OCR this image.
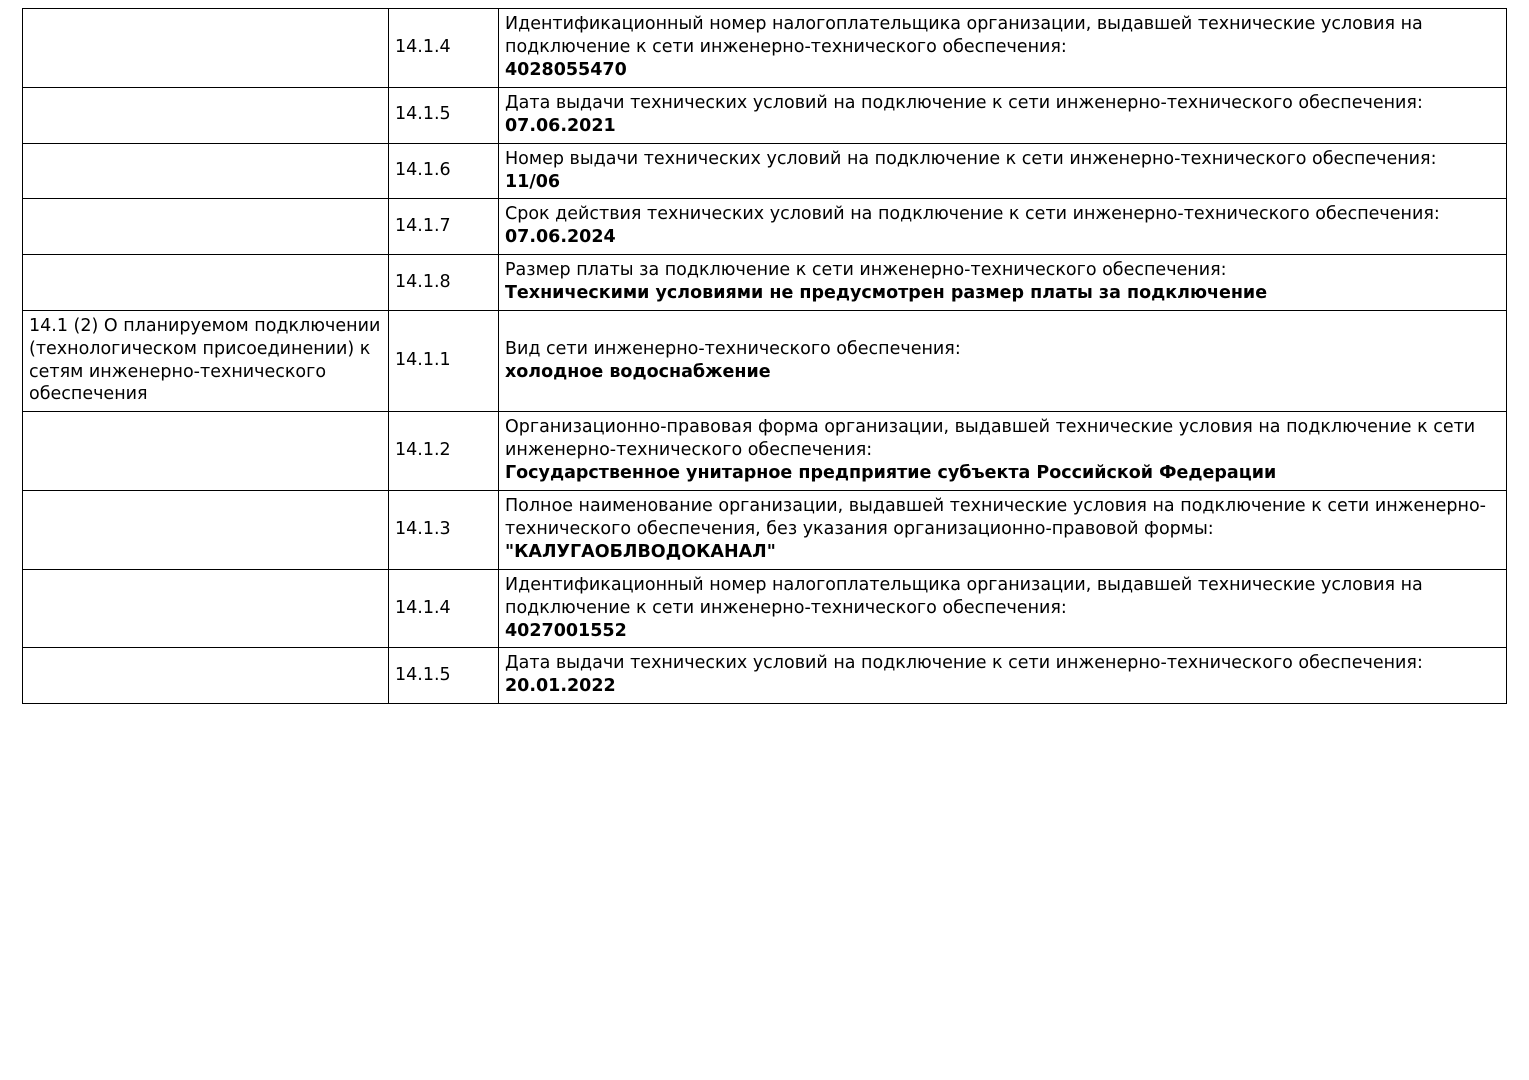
	14.1.4	Идентификационный номер налогоплательщика организации, выдавшей технические условия на подключение к сети инженерно-технического обеспечения:
4028055470

	14.1.5	Дата выдачи технических условий на подключение к сети инженерно-технического обеспечения:
07.06.2021

	14.1.6	Номер выдачи технических условий на подключение к сети инженерно-технического обеспечения:
11/06

	14.1.7	Срок действия технических условий на подключение к сети инженерно-технического обеспечения:
07.06.2024

	14.1.8	Размер платы за подключение к сети инженерно-технического обеспечения:
Техническими условиями не предусмотрен размер платы за подключение

14.1 (2) О планируемом подключении (технологическом присоединении) к сетям инженерно-технического обеспечения	14.1.1	Вид сети инженерно-технического обеспечения:
холодное водоснабжение

	14.1.2	Организационно-правовая форма организации, выдавшей технические условия на подключение к сети инженерно-технического обеспечения:
Государственное унитарное предприятие субъекта Российской Федерации

	14.1.3	Полное наименование организации, выдавшей технические условия на подключение к сети инженерно-технического обеспечения, без указания организационно-правовой формы:
"КАЛУГАОБЛВОДОКАНАЛ"

	14.1.4	Идентификационный номер налогоплательщика организации, выдавшей технические условия на подключение к сети инженерно-технического обеспечения:
4027001552

	14.1.5	Дата выдачи технических условий на подключение к сети инженерно-технического обеспечения:
20.01.2022
